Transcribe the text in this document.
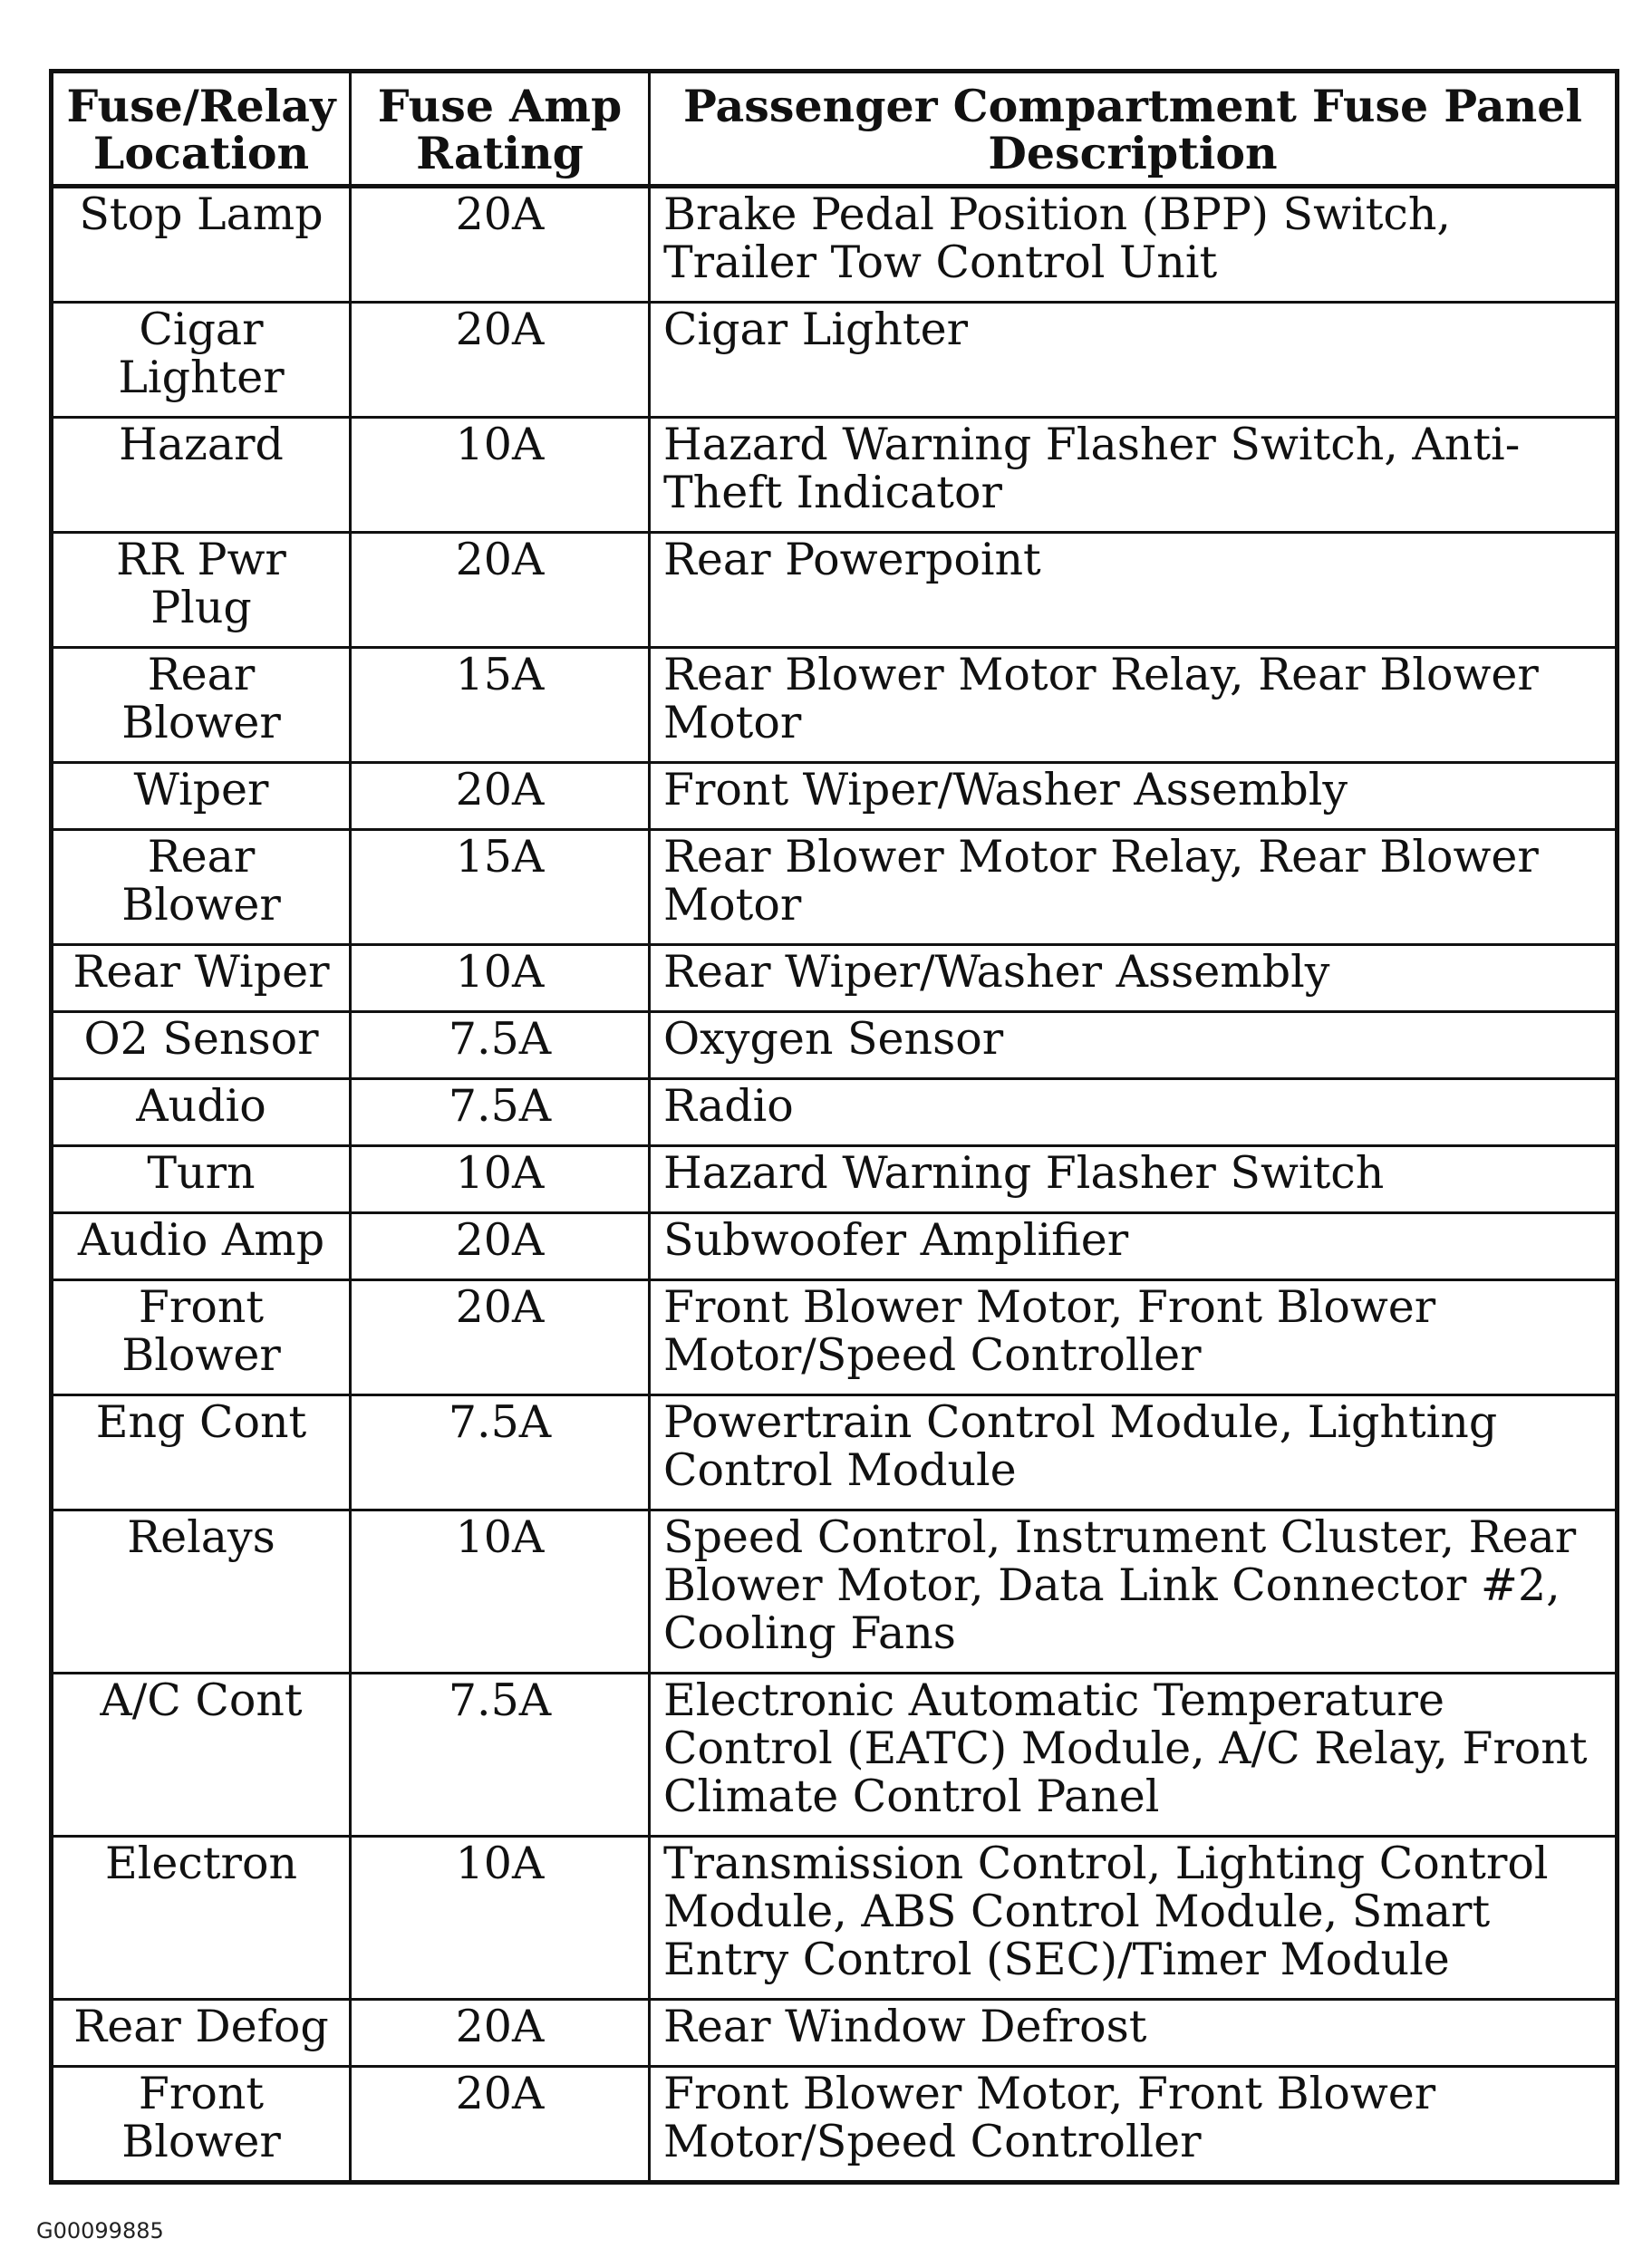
Fuse/Relay Location	Fuse Amp Rating	Passenger Compartment Fuse Panel Description
Stop Lamp	20A	Brake Pedal Position (BPP) Switch, Trailer Tow Control Unit
Cigar Lighter	20A	Cigar Lighter
Hazard	10A	Hazard Warning Flasher Switch, Anti-Theft Indicator
RR Pwr Plug	20A	Rear Powerpoint
Rear Blower	15A	Rear Blower Motor Relay, Rear Blower Motor
Wiper	20A	Front Wiper/Washer Assembly
Rear Blower	15A	Rear Blower Motor Relay, Rear Blower Motor
Rear Wiper	10A	Rear Wiper/Washer Assembly
O2 Sensor	7.5A	Oxygen Sensor
Audio	7.5A	Radio
Turn	10A	Hazard Warning Flasher Switch
Audio Amp	20A	Subwoofer Amplifier
Front Blower	20A	Front Blower Motor, Front Blower Motor/Speed Controller
Eng Cont	7.5A	Powertrain Control Module, Lighting Control Module
Relays	10A	Speed Control, Instrument Cluster, Rear Blower Motor, Data Link Connector #2, Cooling Fans
A/C Cont	7.5A	Electronic Automatic Temperature Control (EATC) Module, A/C Relay, Front Climate Control Panel
Electron	10A	Transmission Control, Lighting Control Module, ABS Control Module, Smart Entry Control (SEC)/Timer Module
Rear Defog	20A	Rear Window Defrost
Front Blower	20A	Front Blower Motor, Front Blower Motor/Speed Controller
G00099885
